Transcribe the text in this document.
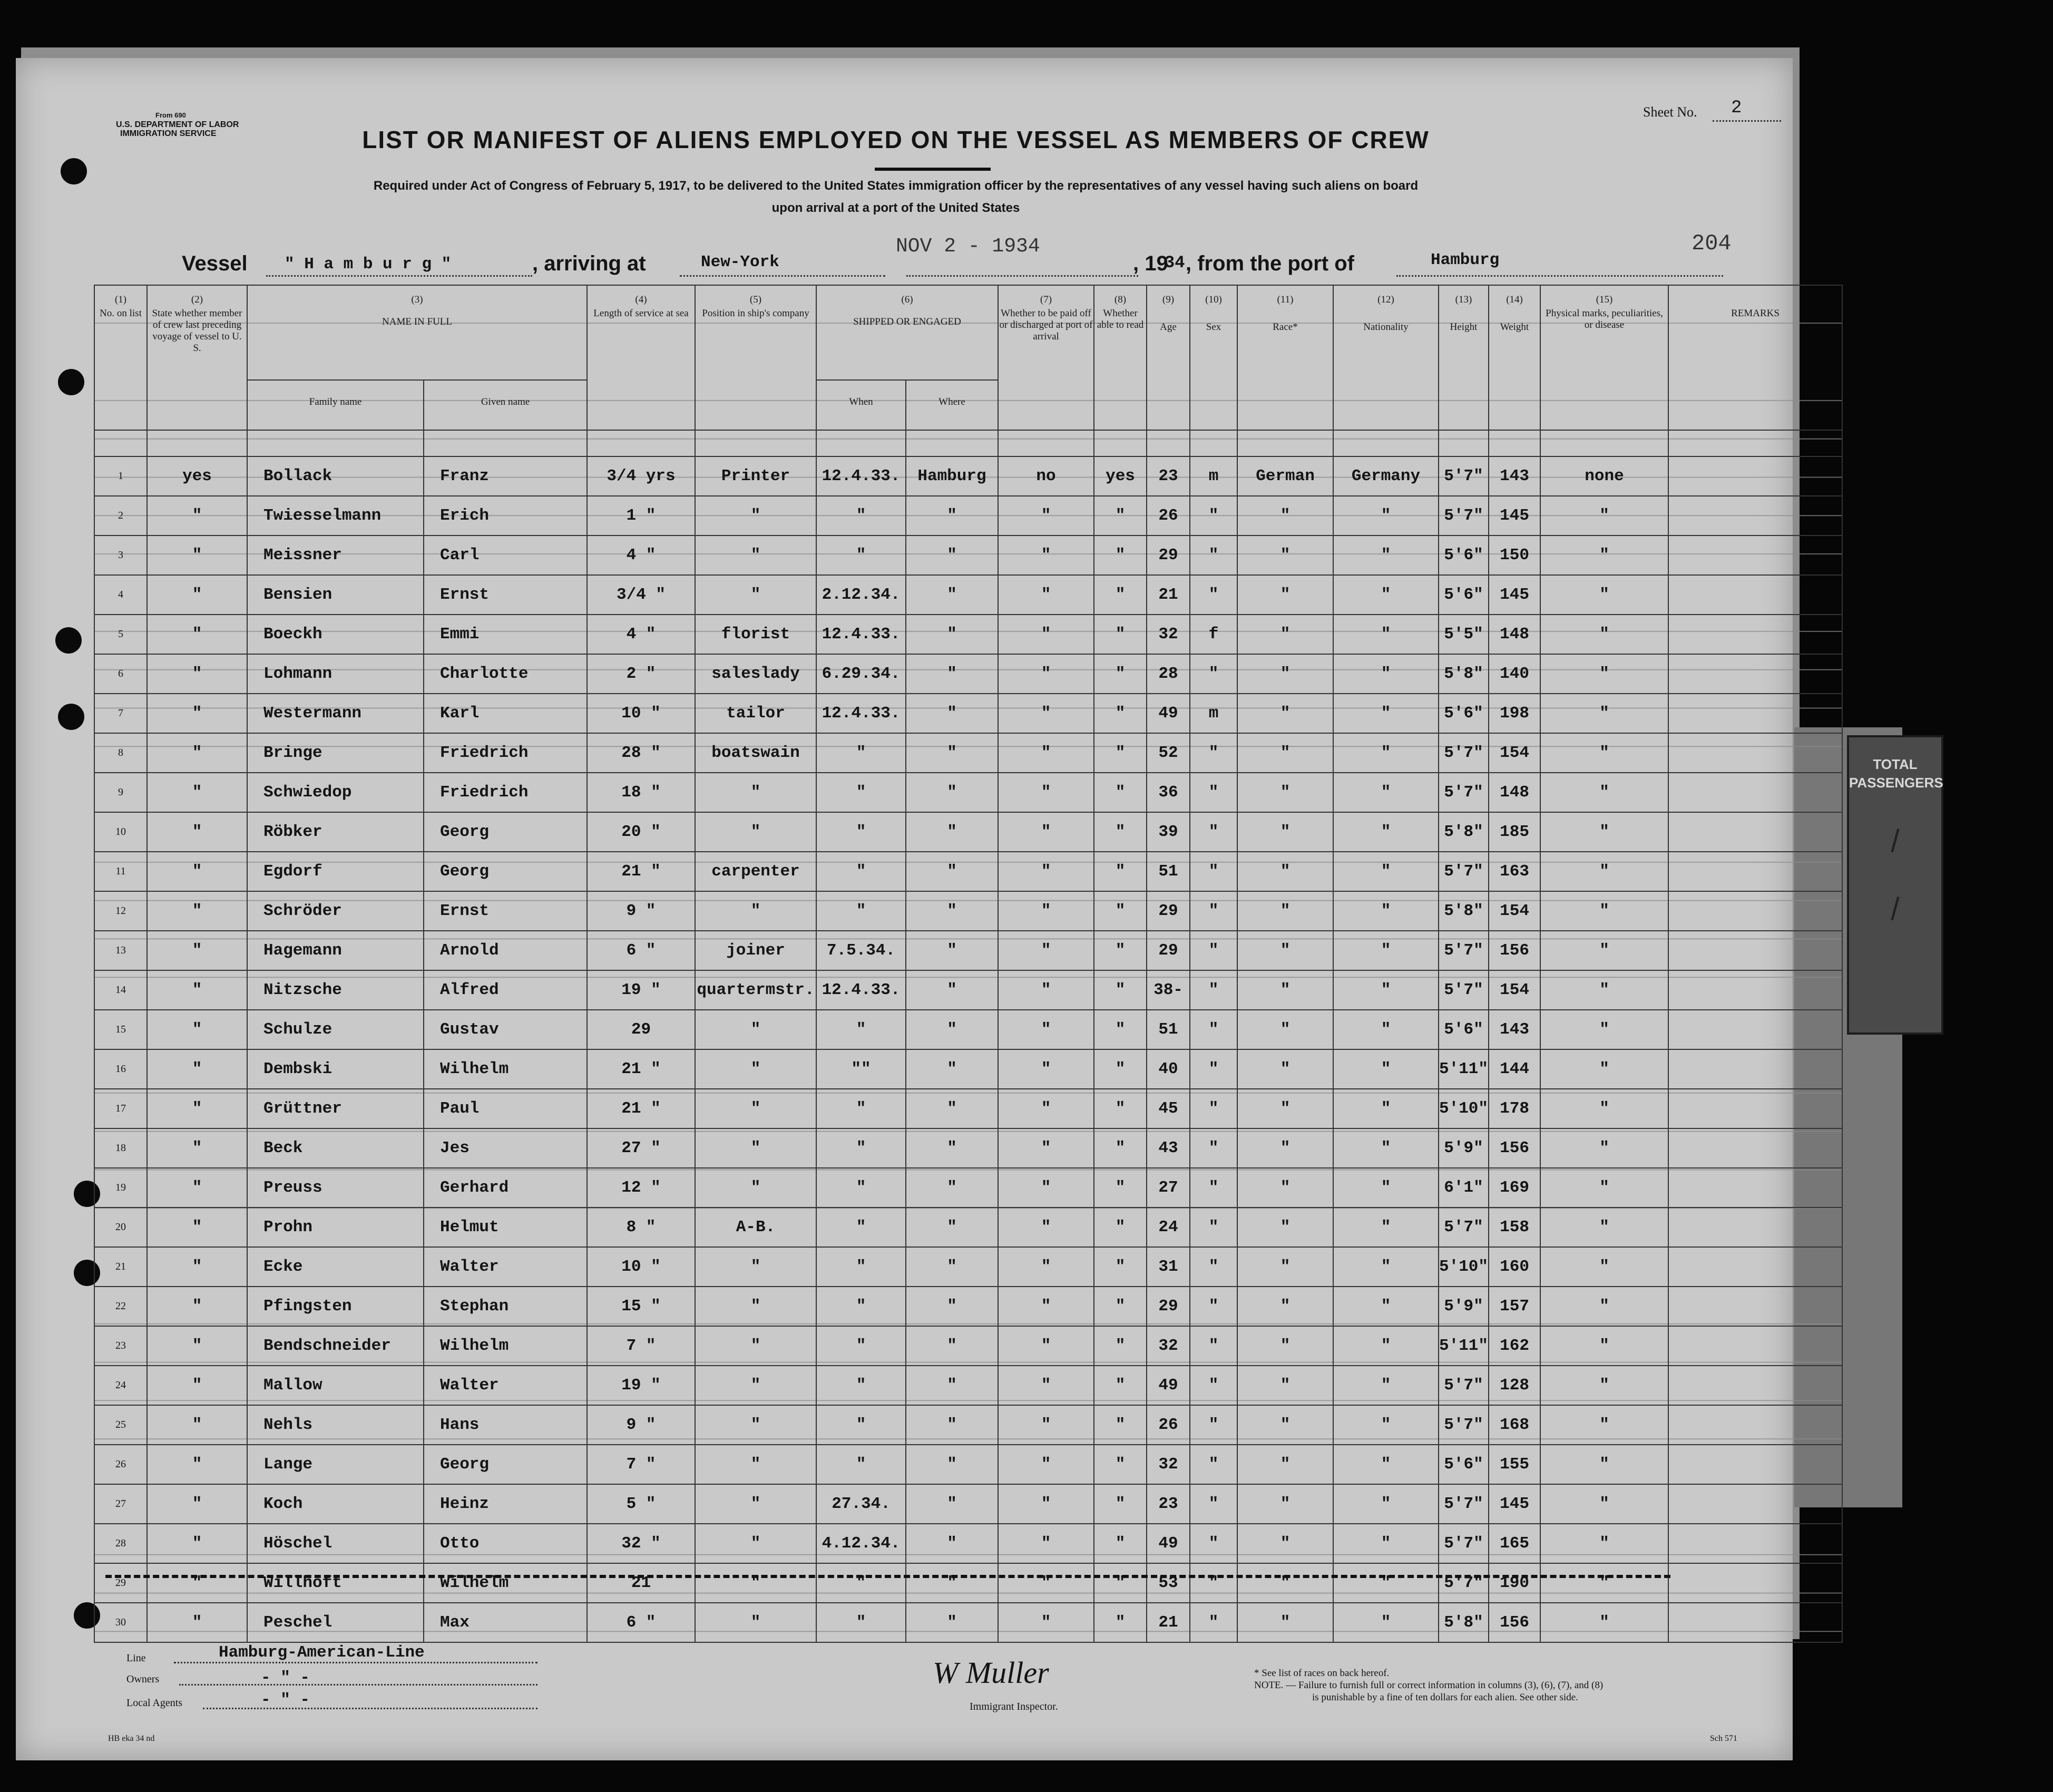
TOTAL
PASSENGERS
/
/
From 690
U.S. DEPARTMENT OF LABOR
IMMIGRATION SERVICE
Sheet No. 2
LIST OR MANIFEST OF ALIENS EMPLOYED ON THE VESSEL AS MEMBERS OF CREW
Required under Act of Congress of February 5, 1917, to be delivered to the United States immigration officer by the representatives of any vessel having such aliens on board
upon arrival at a port of the United States
Vessel " H a m b u r g "	, arriving at	New-York
NOV 2 - 1934
, 19
34 , from the port of	Hamburg
204
(1)
No. on list	(2)
State whether member of crew last preceding voyage of vessel to U. S.	(3)
NAME IN FULL		(4)
Length of service at sea	(5)
Position in ship's company	(6)
SHIPPED OR ENGAGED		(7)
Whether to be paid off or discharged at port of arrival	(8)
Whether able to read	(9)
Age	(10)
Sex	(11)
Race*	(12)
Nationality	(13)
Height	(14)
Weight	(15)
Physical marks, peculiarities, or disease	REMARKS

		Family name	Given name			When	Where										

1	yes	Bollack	Franz	3/4 yrs	Printer	12.4.33.	Hamburg	no	yes	23	m	German	Germany	5'7"	143	none	
2	"	Twiesselmann	Erich	1 "	"	"	"	"	"	26	"	"	"	5'7"	145	"	
3	"	Meissner	Carl	4 "	"	"	"	"	"	29	"	"	"	5'6"	150	"	
4	"	Bensien	Ernst	3/4 "	"	2.12.34.	"	"	"	21	"	"	"	5'6"	145	"	
5	"	Boeckh	Emmi	4 "	florist	12.4.33.	"	"	"	32	f	"	"	5'5"	148	"	
6	"	Lohmann	Charlotte	2 "	saleslady	6.29.34.	"	"	"	28	"	"	"	5'8"	140	"	
7	"	Westermann	Karl	10 "	tailor	12.4.33.	"	"	"	49	m	"	"	5'6"	198	"	
8	"	Bringe	Friedrich	28 "	boatswain	"	"	"	"	52	"	"	"	5'7"	154	"	
9	"	Schwiedop	Friedrich	18 "	"	"	"	"	"	36	"	"	"	5'7"	148	"	
10	"	Röbker	Georg	20 "	"	"	"	"	"	39	"	"	"	5'8"	185	"	
11	"	Egdorf	Georg	21 "	carpenter	"	"	"	"	51	"	"	"	5'7"	163	"	
12	"	Schröder	Ernst	9 "	"	"	"	"	"	29	"	"	"	5'8"	154	"	
13	"	Hagemann	Arnold	6 "	joiner	7.5.34.	"	"	"	29	"	"	"	5'7"	156	"	
14	"	Nitzsche	Alfred	19 "	quartermstr.	12.4.33.	"	"	"	38-	"	"	"	5'7"	154	"	
15	"	Schulze	Gustav	29	"	"	"	"	"	51	"	"	"	5'6"	143	"	
16	"	Dembski	Wilhelm	21 "	"	""	"	"	"	40	"	"	"	5'11"	144	"	
17	"	Grüttner	Paul	21 "	"	"	"	"	"	45	"	"	"	5'10"	178	"	
18	"	Beck	Jes	27 "	"	"	"	"	"	43	"	"	"	5'9"	156	"	
19	"	Preuss	Gerhard	12 "	"	"	"	"	"	27	"	"	"	6'1"	169	"	
20	"	Prohn	Helmut	8 "	A-B.	"	"	"	"	24	"	"	"	5'7"	158	"	
21	"	Ecke	Walter	10 "	"	"	"	"	"	31	"	"	"	5'10"	160	"	
22	"	Pfingsten	Stephan	15 "	"	"	"	"	"	29	"	"	"	5'9"	157	"	
23	"	Bendschneider	Wilhelm	7 "	"	"	"	"	"	32	"	"	"	5'11"	162	"	
24	"	Mallow	Walter	19 "	"	"	"	"	"	49	"	"	"	5'7"	128	"	
25	"	Nehls	Hans	9 "	"	"	"	"	"	26	"	"	"	5'7"	168	"	
26	"	Lange	Georg	7 "	"	"	"	"	"	32	"	"	"	5'6"	155	"	
27	"	Koch	Heinz	5 "	"	27.34.	"	"	"	23	"	"	"	5'7"	145	"	
28	"	Höschel	Otto	32 "	"	4.12.34.	"	"	"	49	"	"	"	5'7"	165	"	
29	"	Willhöft	Wilhelm	21	"	"	"	"	"	53	"	"	"	5'7"	190	"	
30	"	Peschel	Max	6 "	"	"	"	"	"	21	"	"	"	5'8"	156	"	
Line	Hamburg-American-Line
Owners	- " -
Local Agents	- " -
W Muller
Immigrant Inspector.
* See list of races on back hereof.
NOTE. — Failure to furnish full or correct information in columns (3), (6), (7), and (8)
is punishable by a fine of ten dollars for each alien. See other side.
HB eka 34 nd	Sch 571
